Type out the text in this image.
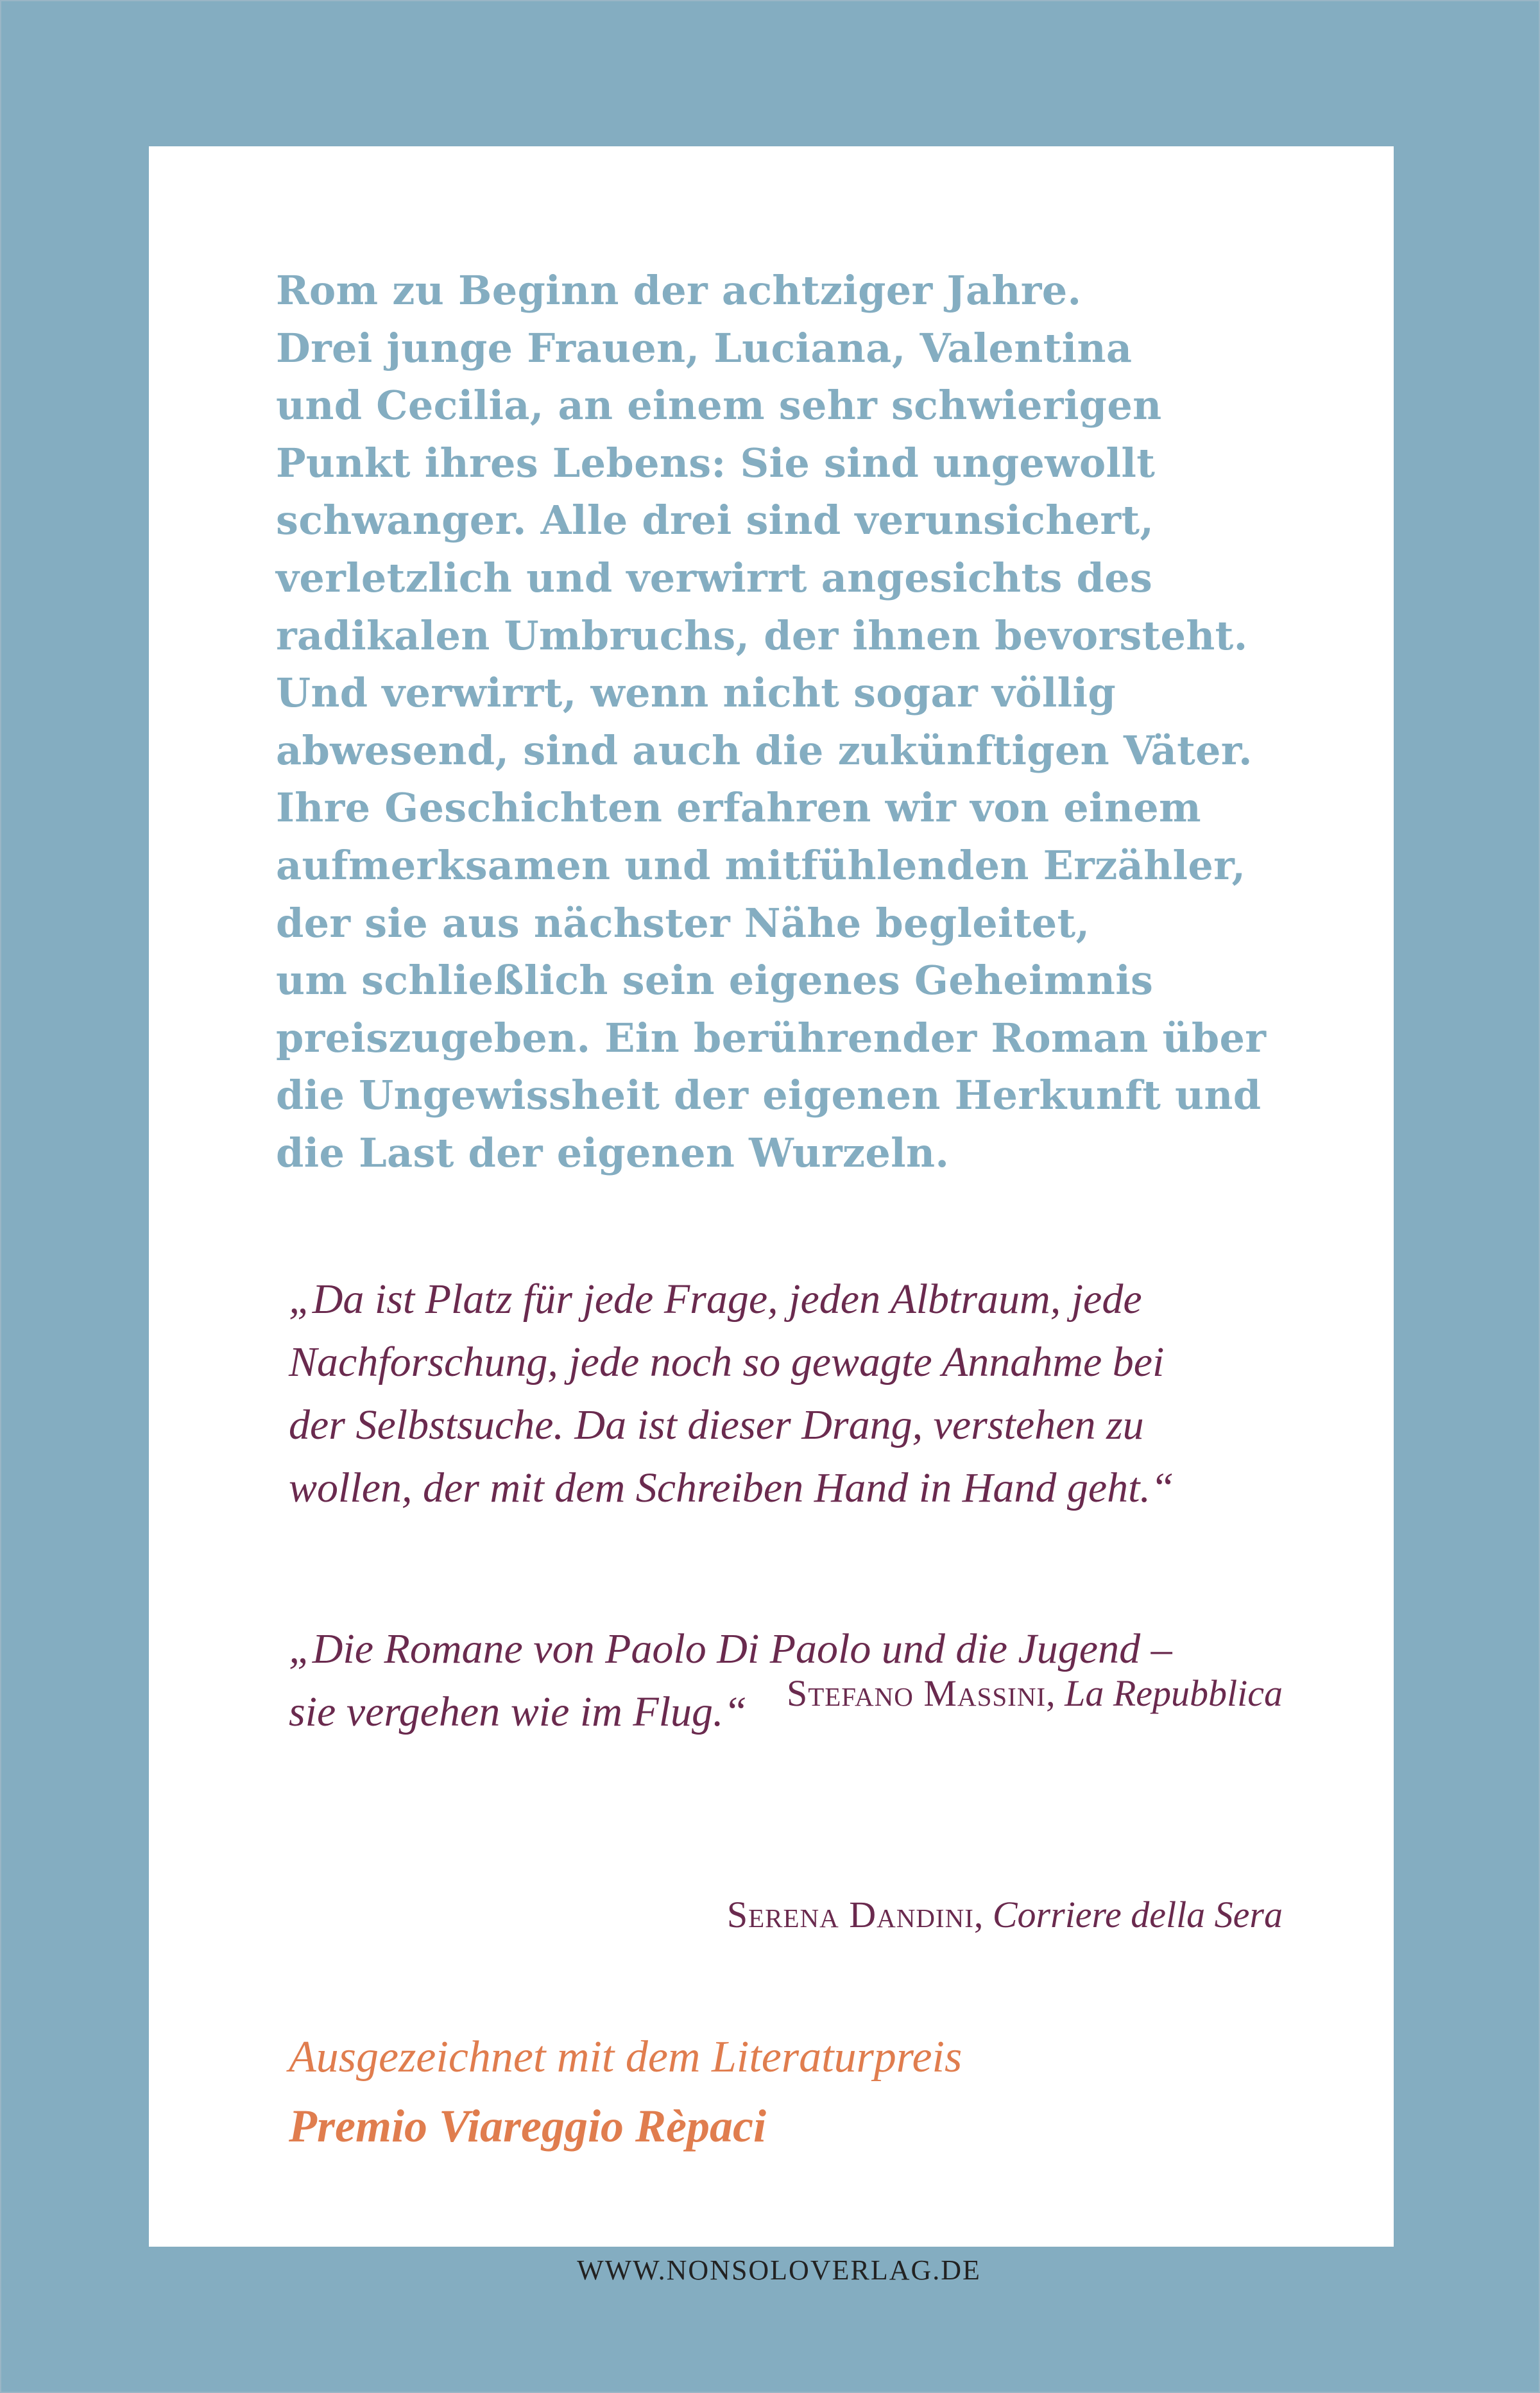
Rom zu Beginn der achtziger Jahre.
Drei junge Frauen, Luciana, Valentina
und Cecilia, an einem sehr schwierigen
Punkt ihres Lebens: Sie sind ungewollt
schwanger. Alle drei sind verunsichert,
verletzlich und verwirrt angesichts des
radikalen Umbruchs, der ihnen bevorsteht.
Und verwirrt, wenn nicht sogar völlig
abwesend, sind auch die zukünftigen Väter.
Ihre Geschichten erfahren wir von einem
aufmerksamen und mitfühlenden Erzähler,
der sie aus nächster Nähe begleitet,
um schließlich sein eigenes Geheimnis
preiszugeben. Ein berührender Roman über
die Ungewissheit der eigenen Herkunft und
die Last der eigenen Wurzeln.
„Da ist Platz für jede Frage, jeden Albtraum, jede
Nachforschung, jede noch so gewagte Annahme bei
der Selbstsuche. Da ist dieser Drang, verstehen zu
wollen, der mit dem Schreiben Hand in Hand geht.“
Stefano Massini, La Repubblica
„Die Romane von Paolo Di Paolo und die Jugend –
sie vergehen wie im Flug.“
Serena Dandini, Corriere della Sera
Ausgezeichnet mit dem Literaturpreis
Premio Viareggio Rèpaci
WWW.NONSOLOVERLAG.DE
